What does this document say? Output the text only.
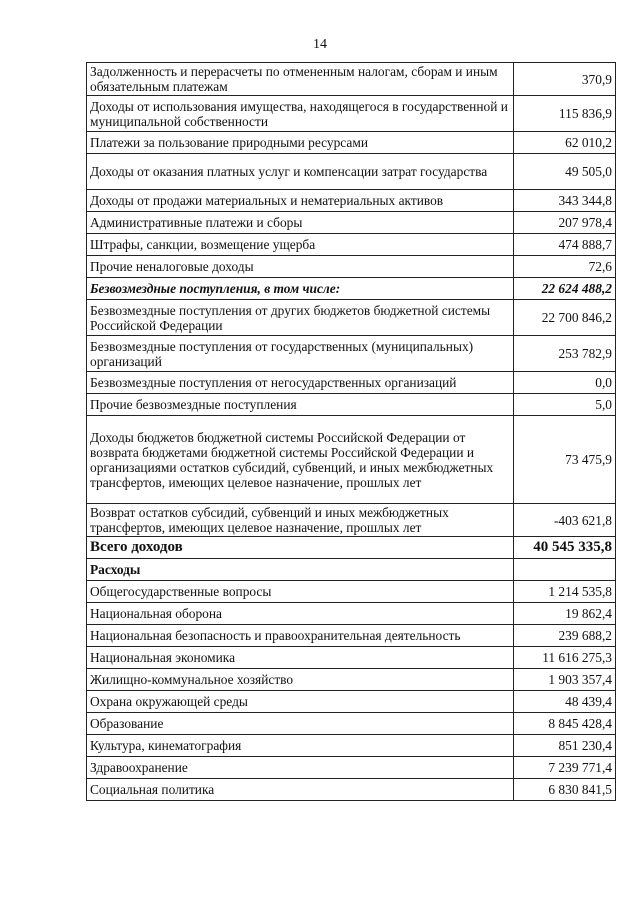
14
Задолженность и перерасчеты по отмененным налогам, сборам и иным обязательным платежам	370,9
Доходы от использования имущества, находящегося в государственной и муниципальной собственности	115 836,9
Платежи за пользование природными ресурсами	62 010,2
Доходы от оказания платных услуг и компенсации затрат государства	49 505,0
Доходы от продажи материальных и нематериальных активов	343 344,8
Административные платежи и сборы	207 978,4
Штрафы, санкции, возмещение ущерба	474 888,7
Прочие неналоговые доходы	72,6
Безвозмездные поступления, в том числе:	22 624 488,2
Безвозмездные поступления от других бюджетов бюджетной системы Российской Федерации	22 700 846,2
Безвозмездные поступления от государственных (муниципальных) организаций	253 782,9
Безвозмездные поступления от негосударственных организаций	0,0
Прочие безвозмездные поступления	5,0
Доходы бюджетов бюджетной системы Российской Федерации от возврата бюджетами бюджетной системы Российской Федерации и организациями остатков субсидий, субвенций, и иных межбюджетных трансфертов, имеющих целевое назначение, прошлых лет	73 475,9
Возврат остатков субсидий, субвенций и иных межбюджетных трансфертов, имеющих целевое назначение, прошлых лет	-403 621,8
Всего доходов	40 545 335,8
Расходы	
Общегосударственные вопросы	1 214 535,8
Национальная оборона	19 862,4
Национальная безопасность и правоохранительная деятельность	239 688,2
Национальная экономика	11 616 275,3
Жилищно-коммунальное хозяйство	1 903 357,4
Охрана окружающей среды	48 439,4
Образование	8 845 428,4
Культура, кинематография	851 230,4
Здравоохранение	7 239 771,4
Социальная политика	6 830 841,5
